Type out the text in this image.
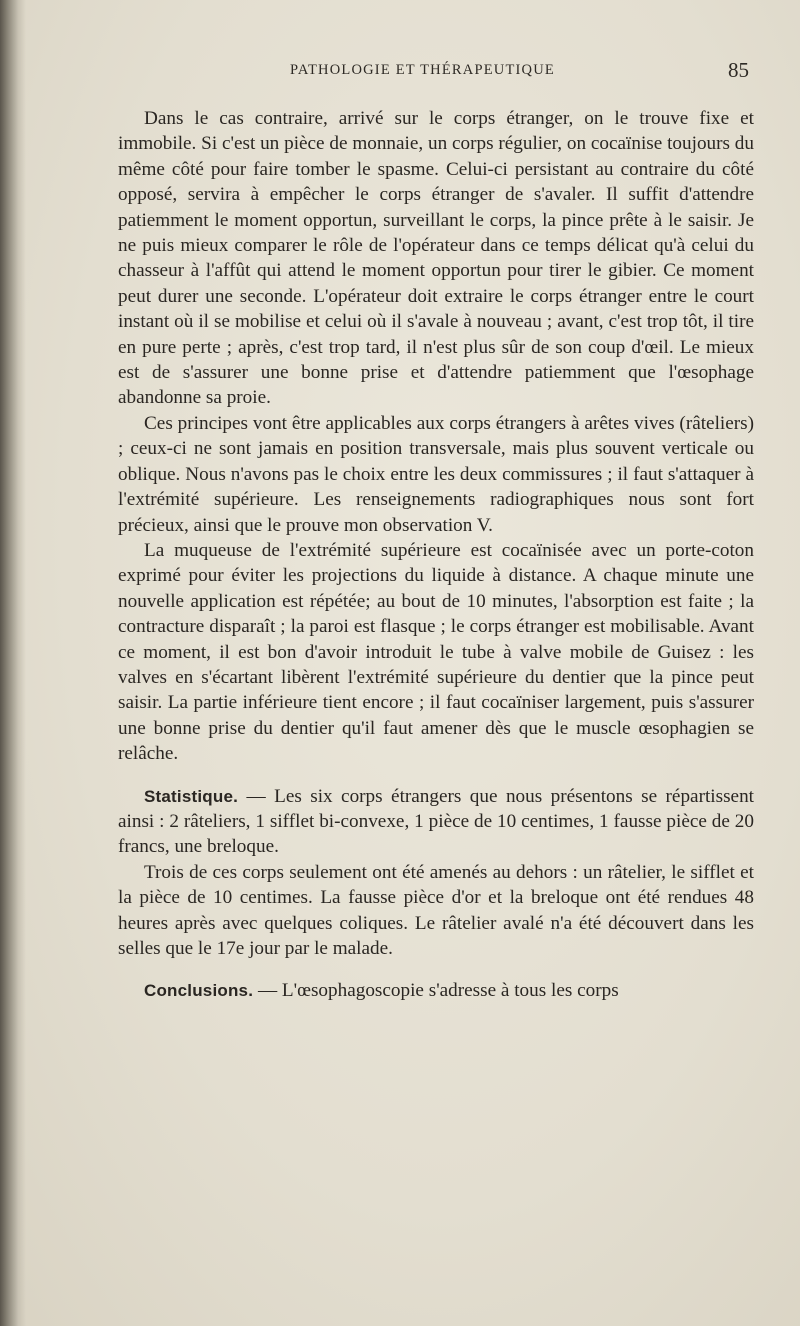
PATHOLOGIE ET THÉRAPEUTIQUE	85

Dans le cas contraire, arrivé sur le corps étranger, on le trouve fixe et immobile. Si c'est un pièce de monnaie, un corps régulier, on cocaïnise toujours du même côté pour faire tomber le spasme. Celui-ci persistant au contraire du côté opposé, servira à empêcher le corps étranger de s'avaler. Il suffit d'attendre patiemment le moment opportun, surveillant le corps, la pince prête à le saisir. Je ne puis mieux comparer le rôle de l'opérateur dans ce temps délicat qu'à celui du chasseur à l'affût qui attend le moment opportun pour tirer le gibier. Ce moment peut durer une seconde. L'opérateur doit extraire le corps étranger entre le court instant où il se mobilise et celui où il s'avale à nouveau ; avant, c'est trop tôt, il tire en pure perte ; après, c'est trop tard, il n'est plus sûr de son coup d'œil. Le mieux est de s'assurer une bonne prise et d'attendre patiemment que l'œsophage abandonne sa proie.

Ces principes vont être applicables aux corps étrangers à arêtes vives (râteliers) ; ceux-ci ne sont jamais en position transversale, mais plus souvent verticale ou oblique. Nous n'avons pas le choix entre les deux commissures ; il faut s'attaquer à l'extrémité supérieure. Les renseignements radiographiques nous sont fort précieux, ainsi que le prouve mon observation V.

La muqueuse de l'extrémité supérieure est cocaïnisée avec un porte-coton exprimé pour éviter les projections du liquide à distance. A chaque minute une nouvelle application est répétée; au bout de 10 minutes, l'absorption est faite ; la contracture disparaît ; la paroi est flasque ; le corps étranger est mobilisable. Avant ce moment, il est bon d'avoir introduit le tube à valve mobile de Guisez : les valves en s'écartant libèrent l'extrémité supérieure du dentier que la pince peut saisir. La partie inférieure tient encore ; il faut cocaïniser largement, puis s'assurer une bonne prise du dentier qu'il faut amener dès que le muscle œsophagien se relâche.

Statistique. — Les six corps étrangers que nous présentons se répartissent ainsi : 2 râteliers, 1 sifflet bi-convexe, 1 pièce de 10 centimes, 1 fausse pièce de 20 francs, une breloque.

Trois de ces corps seulement ont été amenés au dehors : un râtelier, le sifflet et la pièce de 10 centimes. La fausse pièce d'or et la breloque ont été rendues 48 heures après avec quelques coliques. Le râtelier avalé n'a été découvert dans les selles que le 17e jour par le malade.

Conclusions. — L'œsophagoscopie s'adresse à tous les corps
